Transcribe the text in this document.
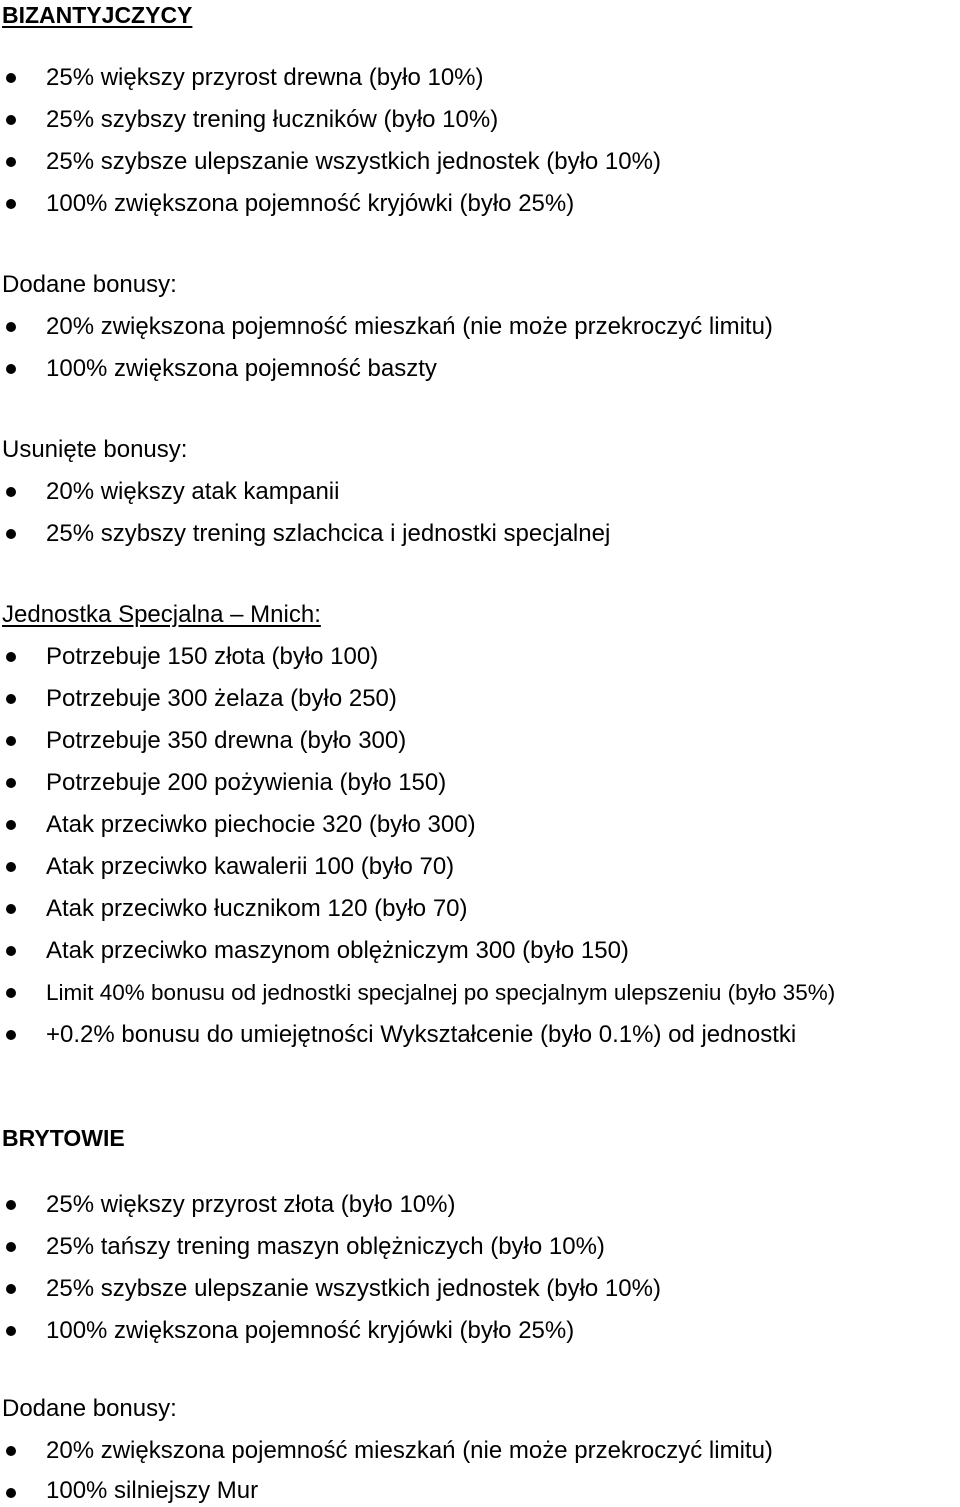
BIZANTYJCZYCY
25% większy przyrost drewna (było 10%)
25% szybszy trening łuczników (było 10%)
25% szybsze ulepszanie wszystkich jednostek (było 10%)
100% zwiększona pojemność kryjówki (było 25%)
Dodane bonusy:
20% zwiększona pojemność mieszkań (nie może przekroczyć limitu)
100% zwiększona pojemność baszty
Usunięte bonusy:
20% większy atak kampanii
25% szybszy trening szlachcica i jednostki specjalnej
Jednostka Specjalna – Mnich:
Potrzebuje 150 złota (było 100)
Potrzebuje 300 żelaza (było 250)
Potrzebuje 350 drewna (było 300)
Potrzebuje 200 pożywienia (było 150)
Atak przeciwko piechocie 320 (było 300)
Atak przeciwko kawalerii 100 (było 70)
Atak przeciwko łucznikom 120 (było 70)
Atak przeciwko maszynom oblężniczym 300 (było 150)
Limit 40% bonusu od jednostki specjalnej po specjalnym ulepszeniu (było 35%)
+0.2% bonusu do umiejętności Wykształcenie (było 0.1%) od jednostki
BRYTOWIE
25% większy przyrost złota (było 10%)
25% tańszy trening maszyn oblężniczych (było 10%)
25% szybsze ulepszanie wszystkich jednostek (było 10%)
100% zwiększona pojemność kryjówki (było 25%)
Dodane bonusy:
20% zwiększona pojemność mieszkań (nie może przekroczyć limitu)
100% silniejszy Mur
